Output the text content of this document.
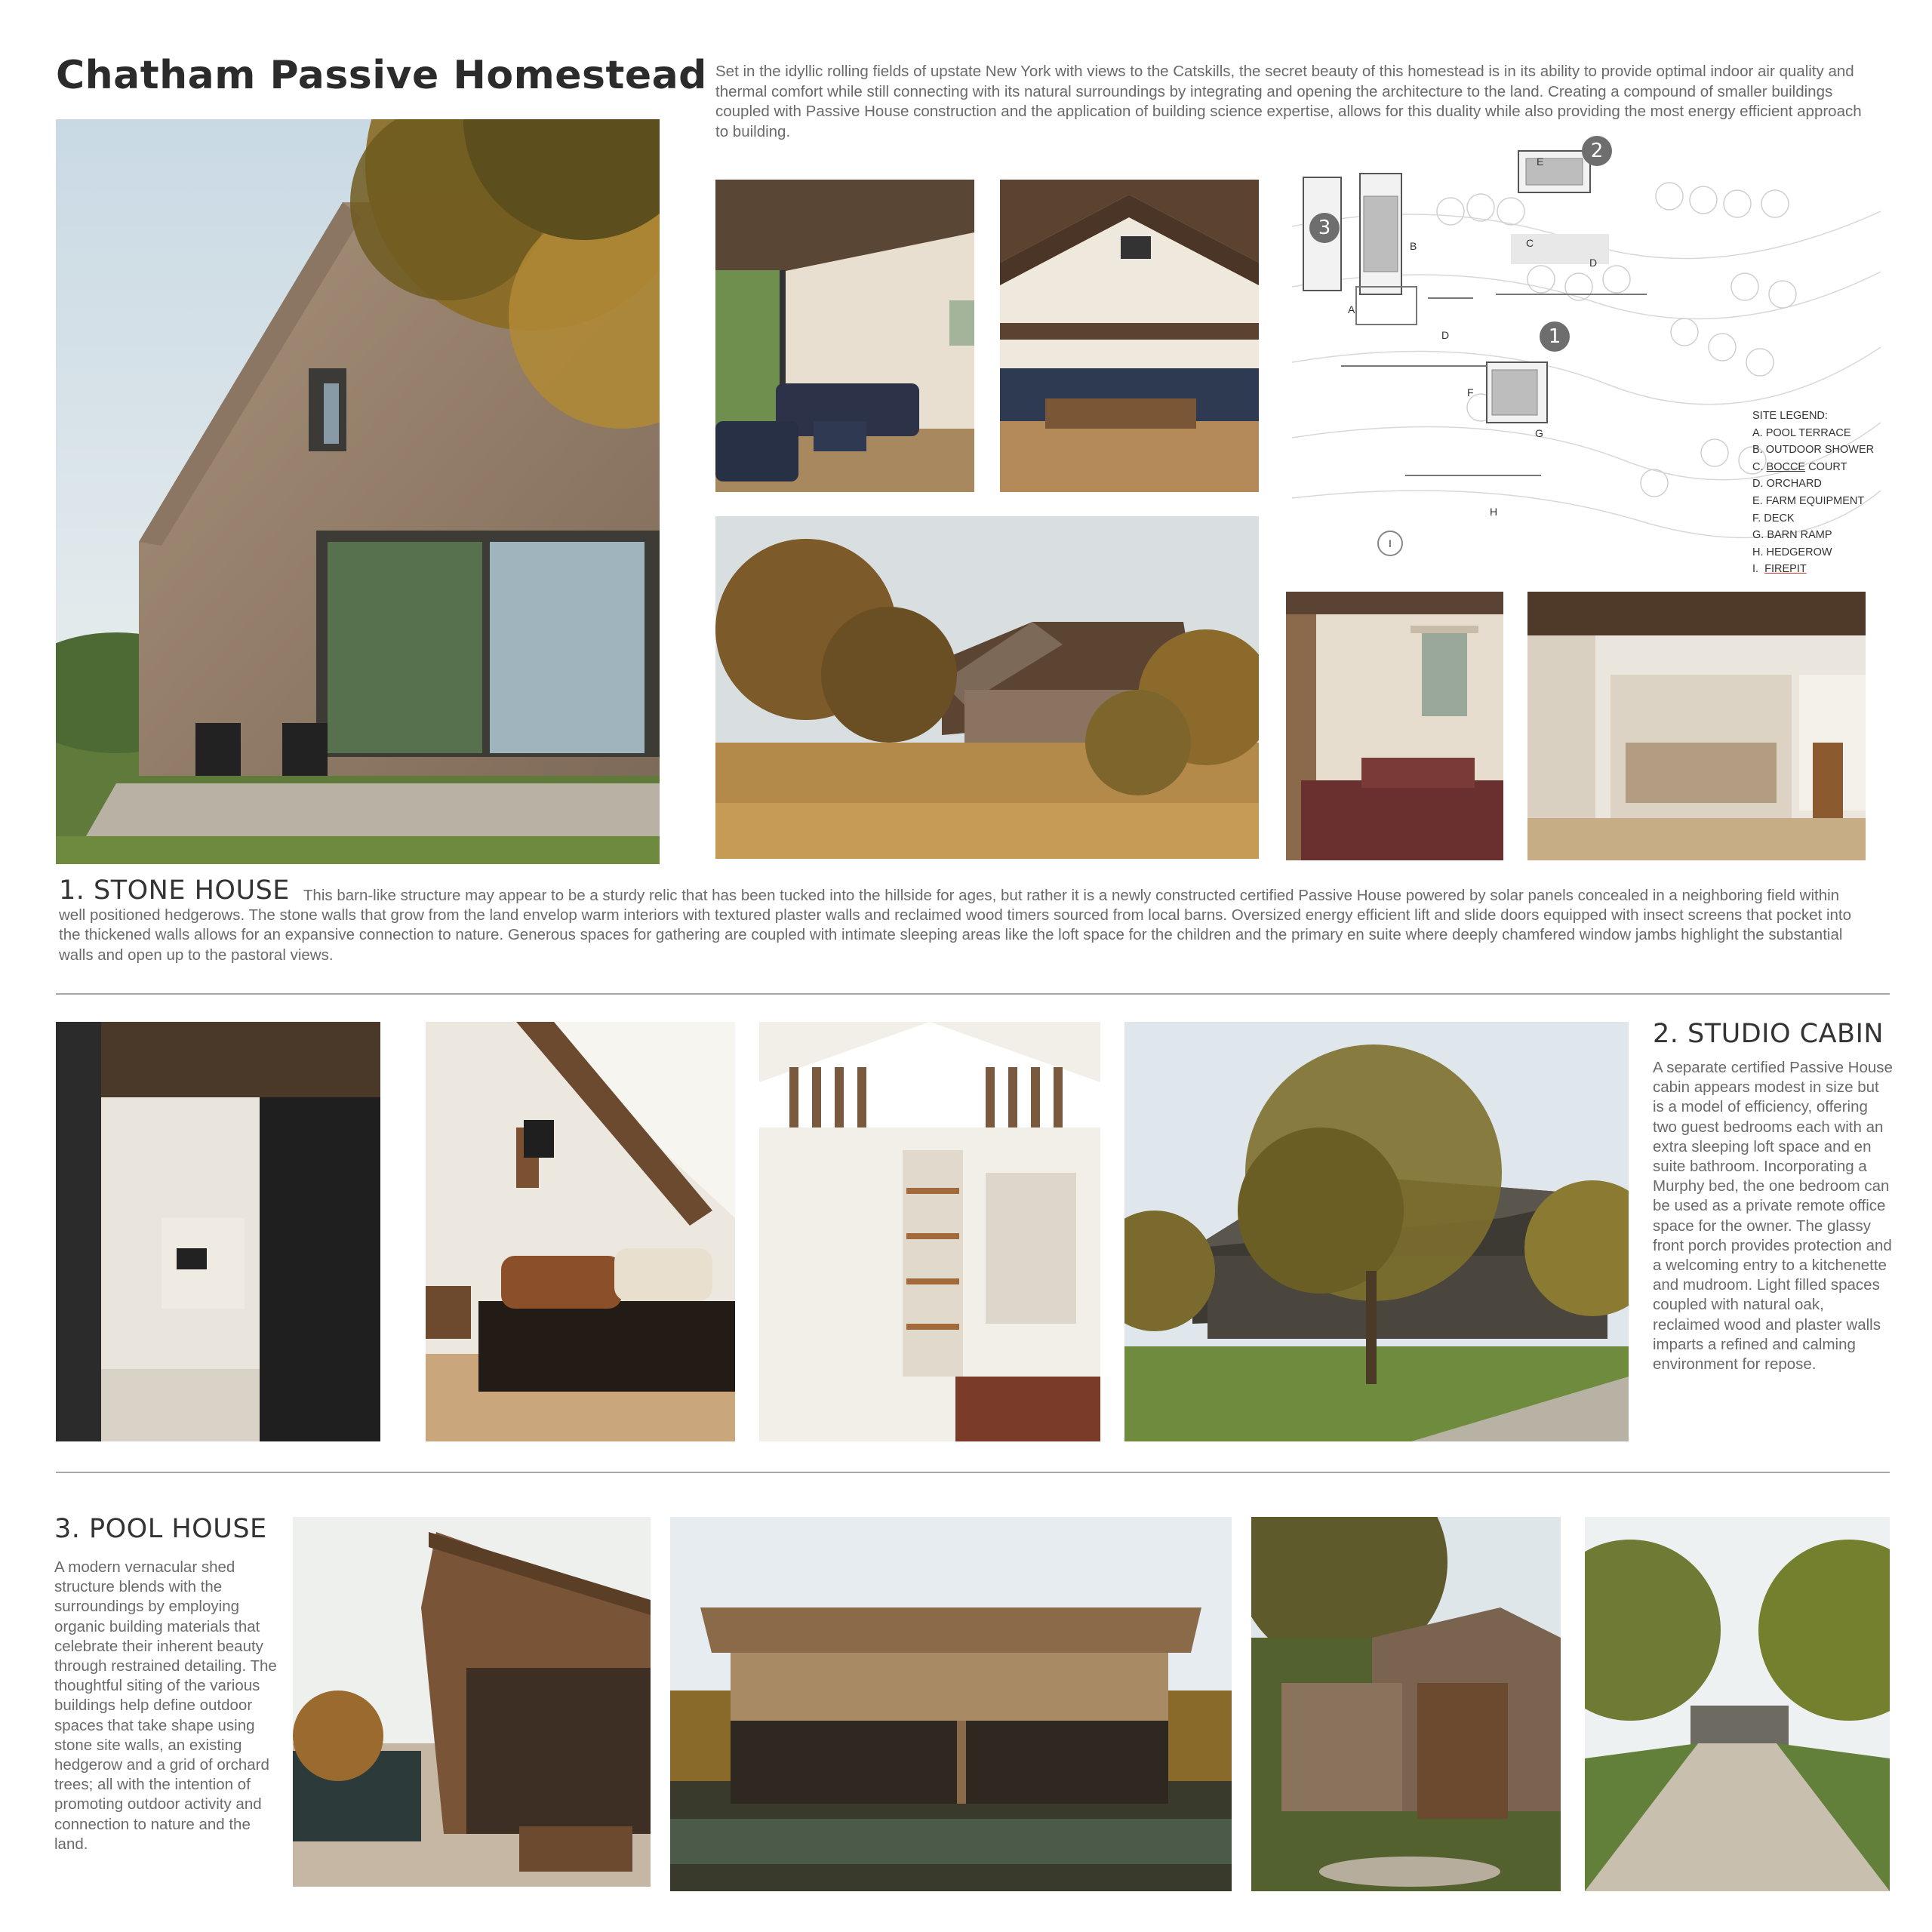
Chatham Passive Homestead Set in the idyllic rolling fields of upstate New York with views to the Catskills, the secret beauty of this homestead is in its ability to provide optimal indoor air quality and thermal comfort while still connecting with its natural surroundings by integrating and opening the architecture to the land. Creating a compound of smaller buildings coupled with Passive House construction and the application of building science expertise, allows for this duality while also providing the most energy efficient approach to building.
1
2
3
A
B	C
D
D
E
F
G
H
I
SITE LEGEND:
A. POOL TERRACE
B. OUTDOOR SHOWER
C. BOCCE COURT
D. ORCHARD
E. FARM EQUIPMENT
F. DECK
G. BARN RAMP
H. HEDGEROW
I.  FIREPIT
1. STONE HOUSE This barn-like structure may appear to be a sturdy relic that has been tucked into the hillside for ages, but rather it is a newly constructed certified Passive House powered by solar panels concealed in a neighboring field within well positioned hedgerows. The stone walls that grow from the land envelop warm interiors with textured plaster walls and reclaimed wood timers sourced from local barns. Oversized energy efficient lift and slide doors equipped with insect screens that pocket into the thickened walls allows for an expansive connection to nature. Generous spaces for gathering are coupled with intimate sleeping areas like the loft space for the children and the primary en suite where deeply chamfered window jambs highlight the substantial walls and open up to the pastoral views.
2. STUDIO CABIN
A separate certified Passive House cabin appears modest in size but is a model of efficiency, offering two guest bedrooms each with an extra sleeping loft space and en suite bathroom. Incorporating a Murphy bed, the one bedroom can be used as a private remote office space for the owner. The glassy front porch provides protection and a welcoming entry to a kitchenette and mudroom. Light filled spaces coupled with natural oak, reclaimed wood and plaster walls imparts a refined and calming environment for repose.
3. POOL HOUSE
A modern vernacular shed structure blends with the surroundings by employing organic building materials that celebrate their inherent beauty through restrained detailing. The thoughtful siting of the various buildings help define outdoor spaces that take shape using stone site walls, an existing hedgerow and a grid of orchard trees; all with the intention of promoting outdoor activity and connection to nature and the land.
